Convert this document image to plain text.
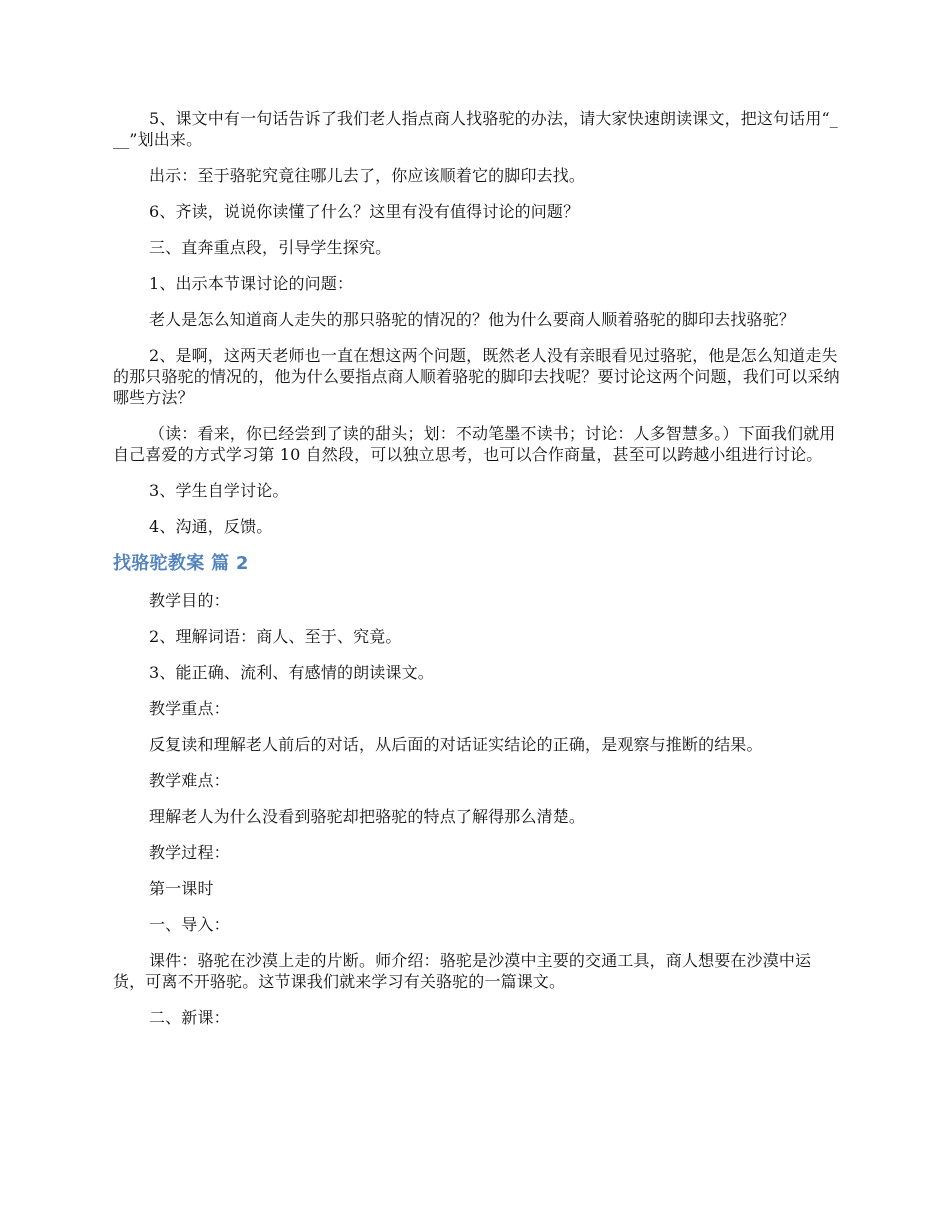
5、课文中有一句话告诉了我们老人指点商人找骆驼的办法，请大家快速朗读课文，把这句话用“___”划出来。

出示：至于骆驼究竟往哪儿去了，你应该顺着它的脚印去找。

6、齐读，说说你读懂了什么？这里有没有值得讨论的问题？

三、直奔重点段，引导学生探究。

1、出示本节课讨论的问题：

老人是怎么知道商人走失的那只骆驼的情况的？他为什么要商人顺着骆驼的脚印去找骆驼？

2、是啊，这两天老师也一直在想这两个问题，既然老人没有亲眼看见过骆驼，他是怎么知道走失的那只骆驼的情况的，他为什么要指点商人顺着骆驼的脚印去找呢？要讨论这两个问题，我们可以采纳哪些方法？

（读：看来，你已经尝到了读的甜头；划：不动笔墨不读书；讨论：人多智慧多。）下面我们就用自己喜爱的方式学习第 10 自然段，可以独立思考，也可以合作商量，甚至可以跨越小组进行讨论。

3、学生自学讨论。

4、沟通，反馈。

找骆驼教案 篇 2

教学目的：

2、理解词语：商人、至于、究竟。

3、能正确、流利、有感情的朗读课文。

教学重点：

反复读和理解老人前后的对话，从后面的对话证实结论的正确，是观察与推断的结果。

教学难点：

理解老人为什么没看到骆驼却把骆驼的特点了解得那么清楚。

教学过程：

第一课时

一、导入：

课件：骆驼在沙漠上走的片断。师介绍：骆驼是沙漠中主要的交通工具，商人想要在沙漠中运货，可离不开骆驼。这节课我们就来学习有关骆驼的一篇课文。

二、新课：
